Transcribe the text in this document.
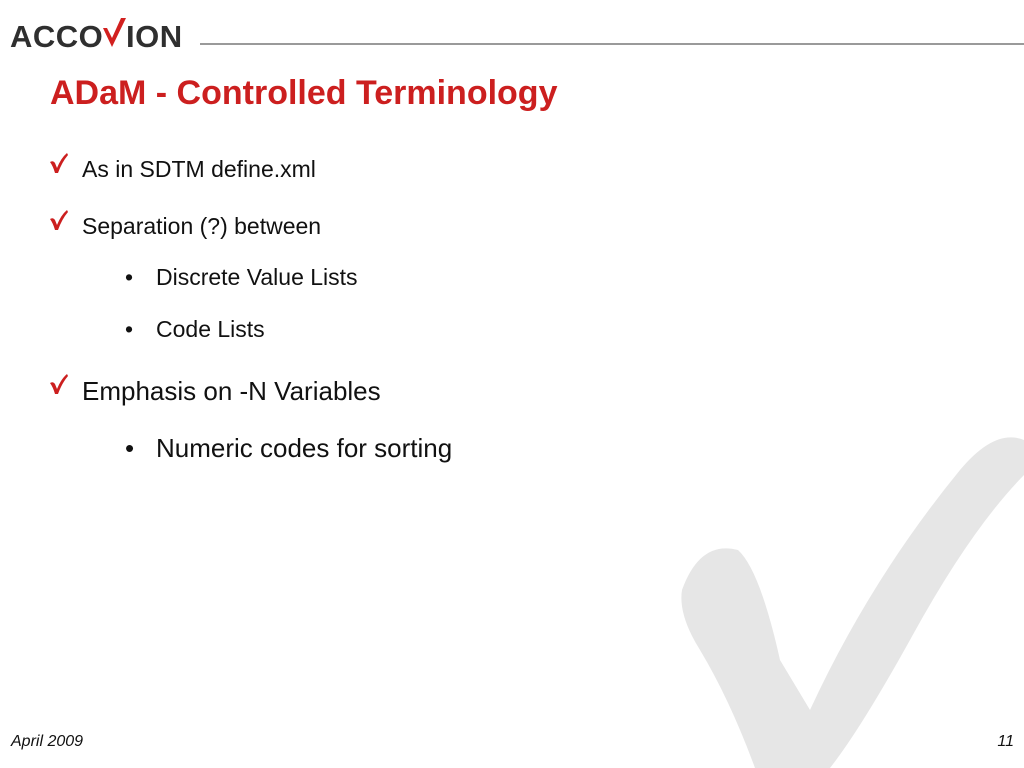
ACCO ION
ADaM - Controlled Terminology
As in SDTM define.xml
Separation (?) between
• Discrete Value Lists
• Code Lists
Emphasis on -N Variables
• Numeric codes for sorting
April 2009	11
